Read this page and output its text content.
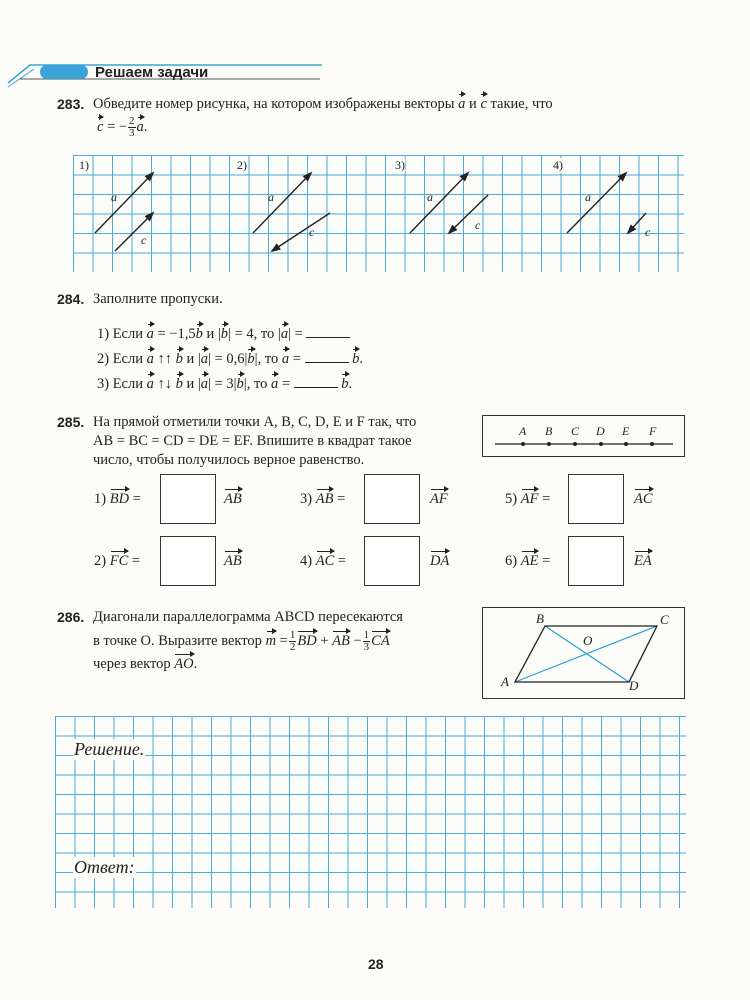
Решаем задачи
283. Обведите номер рисунка, на котором изображены векторы a и c такие, что
c = − $\frac{2}{3} a$.
1)	2)	3)	4)
a
c
a
c
a
c
a
c
284. Заполните пропуски.
1) Если a = −1,5b и |b| = 4, то |a| =
2) Если a ↑↑ b и |a| = 0,6|b|, то a =	b.
3) Если a ↑↓ b и |a| = 3|b|, то a =	b.
285. На прямой отметили точки A, B, C, D, E и F так, что
AB = BC = CD = DE = EF. Впишите в квадрат такое
число, чтобы получилось верное равенство.
A B C D E F
1) BD =	AB	3) AB =	AF	5) AF =	AC
2) FC =	AB	4) AC =	DA	6) AE =	EA
286. Диагонали параллелограмма ABCD пересекаются
в точке O. Выразите вектор $m = \frac{1}{2}$ BD + AB − $\frac{1}{3}$ CA
через вектор AO.
B	C
O
A	D
Решение.
Ответ:
28
